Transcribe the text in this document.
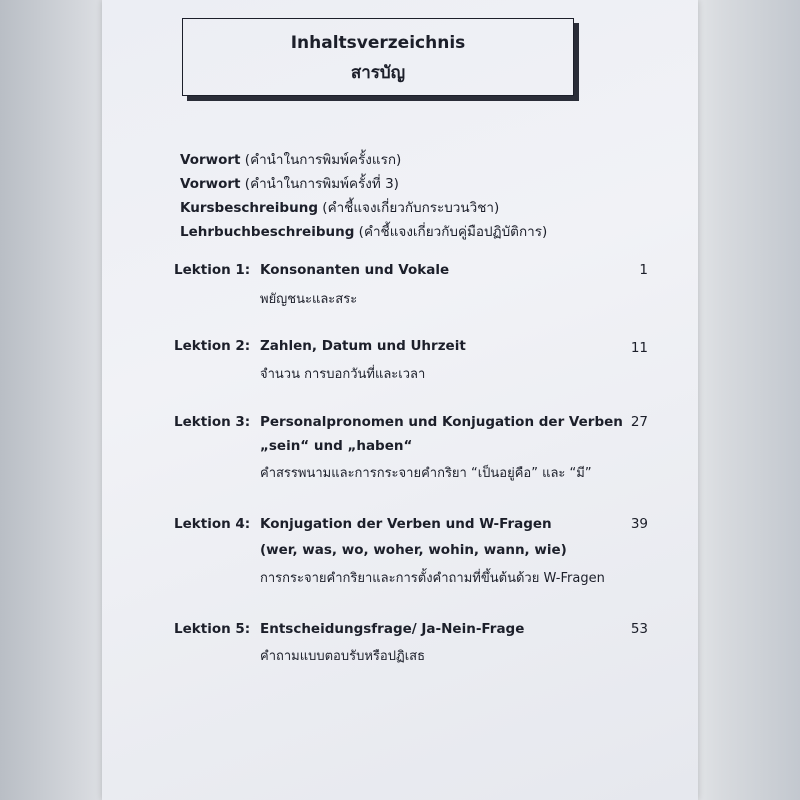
Inhaltsverzeichnis
สารบัญ
Vorwort (คำนำในการพิมพ์ครั้งแรก)
Vorwort (คำนำในการพิมพ์ครั้งที่ 3)
Kursbeschreibung (คำชี้แจงเกี่ยวกับกระบวนวิชา)
Lehrbuchbeschreibung (คำชี้แจงเกี่ยวกับคู่มือปฏิบัติการ)
Lektion 1: Konsonanten und Vokale
พยัญชนะและสระ
1
Lektion 2: Zahlen, Datum und Uhrzeit
จำนวน การบอกวันที่และเวลา
11
Lektion 3: Personalpronomen und Konjugation der Verben
„sein“ und „haben“
คำสรรพนามและการกระจายคำกริยา “เป็นอยู่คือ” และ “มี”
27
Lektion 4: Konjugation der Verben und W-Fragen
(wer, was, wo, woher, wohin, wann, wie)
การกระจายคำกริยาและการตั้งคำถามที่ขึ้นต้นด้วย W-Fragen
39
Lektion 5: Entscheidungsfrage/ Ja-Nein-Frage
คำถามแบบตอบรับหรือปฏิเสธ
53
